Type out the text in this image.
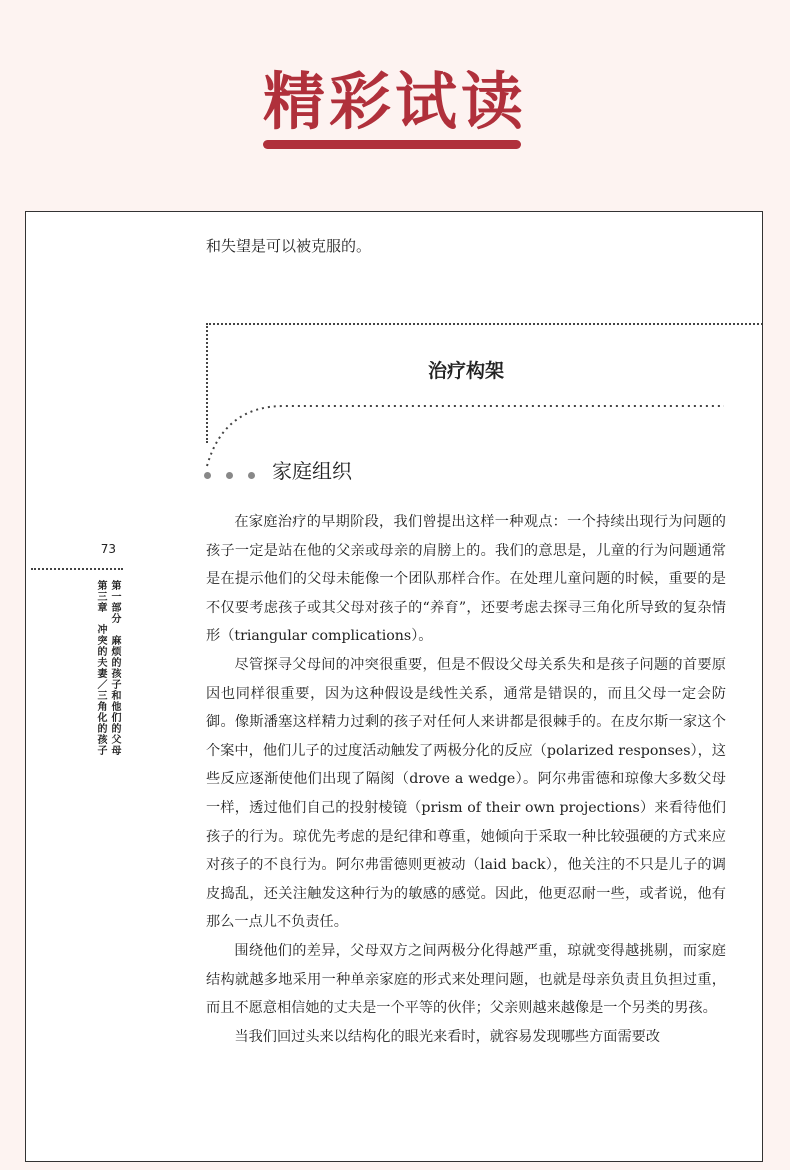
精彩试读
和失望是可以被克服的。
治疗构架
家庭组织
73
第一部分　麻烦的孩子和他们的父母
第三章　冲突的夫妻／三角化的孩子

在家庭治疗的早期阶段，我们曾提出这样一种观点：一个持续出现行为问题的孩子一定是站在他的父亲或母亲的肩膀上的。我们的意思是，儿童的行为问题通常是在提示他们的父母未能像一个团队那样合作。在处理儿童问题的时候，重要的是不仅要考虑孩子或其父母对孩子的“养育”，还要考虑去探寻三角化所导致的复杂情形（triangular complications）。

尽管探寻父母间的冲突很重要，但是不假设父母关系失和是孩子问题的首要原因也同样很重要，因为这种假设是线性关系，通常是错误的，而且父母一定会防御。像斯潘塞这样精力过剩的孩子对任何人来讲都是很棘手的。在皮尔斯一家这个个案中，他们儿子的过度活动触发了两极分化的反应（polarized responses），这些反应逐渐使他们出现了隔阂（drove a wedge）。阿尔弗雷德和琼像大多数父母一样，透过他们自己的投射棱镜（prism of their own projections）来看待他们孩子的行为。琼优先考虑的是纪律和尊重，她倾向于采取一种比较强硬的方式来应对孩子的不良行为。阿尔弗雷德则更被动（laid back），他关注的不只是儿子的调皮捣乱，还关注触发这种行为的敏感的感觉。因此，他更忍耐一些，或者说，他有那么一点儿不负责任。

围绕他们的差异，父母双方之间两极分化得越严重，琼就变得越挑剔，而家庭结构就越多地采用一种单亲家庭的形式来处理问题，也就是母亲负责且负担过重，而且不愿意相信她的丈夫是一个平等的伙伴；父亲则越来越像是一个另类的男孩。

当我们回过头来以结构化的眼光来看时，就容易发现哪些方面需要改
